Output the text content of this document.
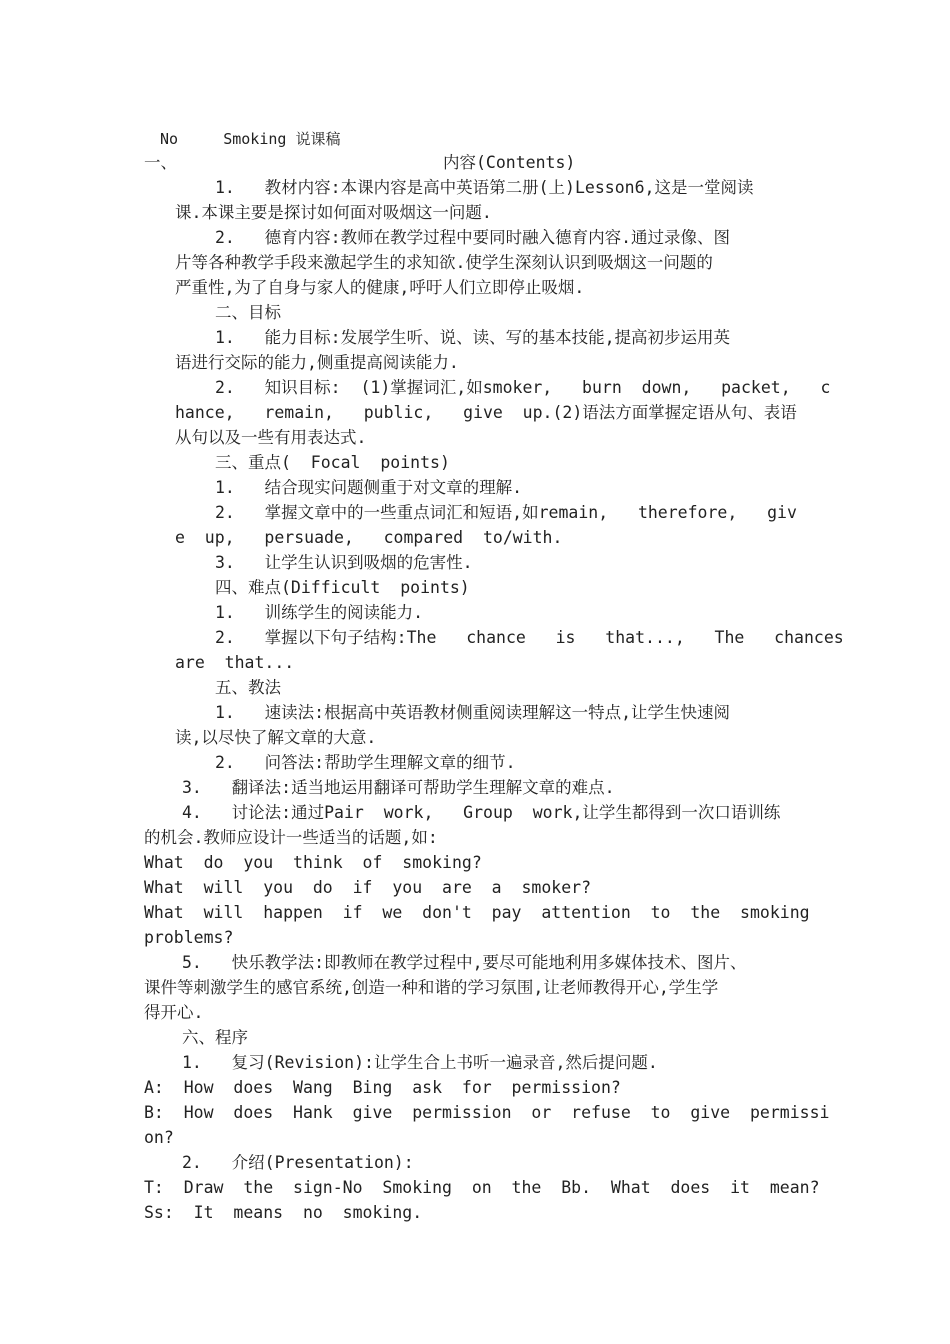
No     Smoking 说课稿
一、	内容(Contents)
1.   教材内容:本课内容是高中英语第二册(上)Lesson6,这是一堂阅读
课.本课主要是探讨如何面对吸烟这一问题.
2.   德育内容:教师在教学过程中要同时融入德育内容.通过录像、图
片等各种教学手段来激起学生的求知欲.使学生深刻认识到吸烟这一问题的
严重性,为了自身与家人的健康,呼吁人们立即停止吸烟.
二、目标
1.   能力目标:发展学生听、说、读、写的基本技能,提高初步运用英
语进行交际的能力,侧重提高阅读能力.
2.   知识目标:  (1)掌握词汇,如smoker,   burn  down,   packet,   c
hance,   remain,   public,   give  up.(2)语法方面掌握定语从句、表语
从句以及一些有用表达式.
三、重点(  Focal  points)
1.   结合现实问题侧重于对文章的理解.
2.   掌握文章中的一些重点词汇和短语,如remain,   therefore,   giv
e  up,   persuade,   compared  to/with.
3.   让学生认识到吸烟的危害性.
四、难点(Difficult  points)
1.   训练学生的阅读能力.
2.   掌握以下句子结构:The   chance   is   that...,   The   chances
are  that...
五、教法
1.   速读法:根据高中英语教材侧重阅读理解这一特点,让学生快速阅
读,以尽快了解文章的大意.
2.   问答法:帮助学生理解文章的细节.
3.   翻译法:适当地运用翻译可帮助学生理解文章的难点.
4.   讨论法:通过Pair  work,   Group  work,让学生都得到一次口语训练
的机会.教师应设计一些适当的话题,如:
What  do  you  think  of  smoking?
What  will  you  do  if  you  are  a  smoker?
What  will  happen  if  we  don't  pay  attention  to  the  smoking
problems?
5.   快乐教学法:即教师在教学过程中,要尽可能地利用多媒体技术、图片、
课件等刺激学生的感官系统,创造一种和谐的学习氛围,让老师教得开心,学生学
得开心.
六、程序
1.   复习(Revision):让学生合上书听一遍录音,然后提问题.
A:  How  does  Wang  Bing  ask  for  permission?
B:  How  does  Hank  give  permission  or  refuse  to  give  permissi
on?
2.   介绍(Presentation):
T:  Draw  the  sign-No  Smoking  on  the  Bb.  What  does  it  mean?
Ss:  It  means  no  smoking.
